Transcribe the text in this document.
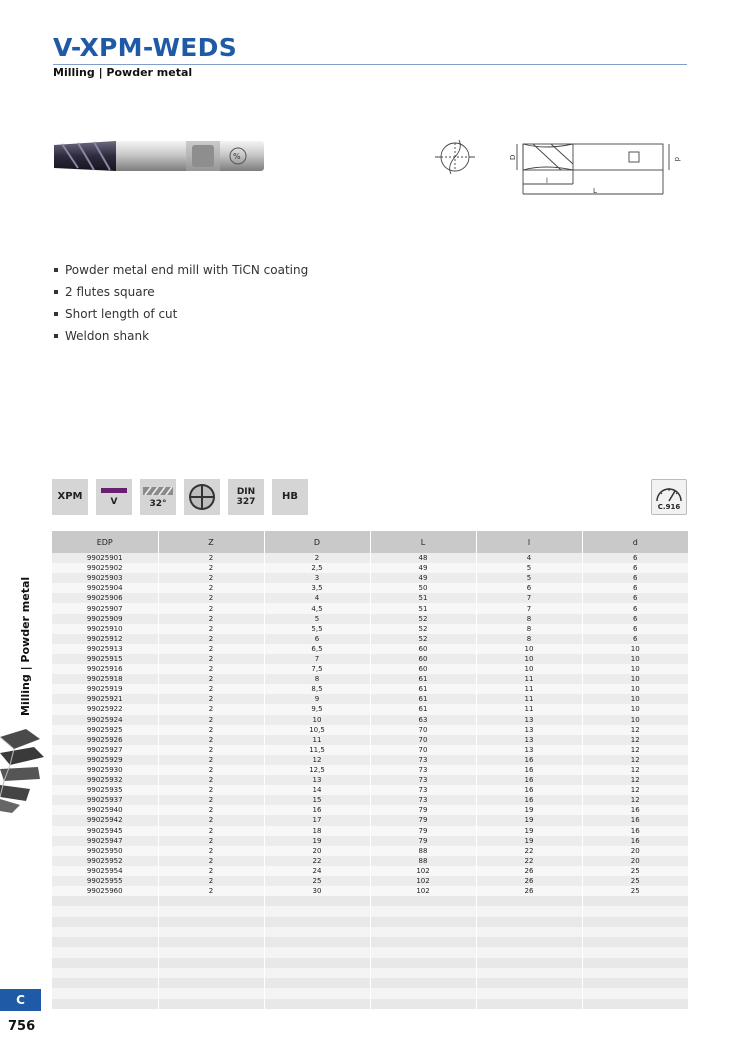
V-XPM-WEDS
Milling | Powder metal
%	D	d
l
L
Powder metal end mill with TiCN coating
2 flutes square
Short length of cut
Weldon shank
XPM	V	32°
DIN
327	HB
C.916
EDP	Z	D	L	l	d
99025901	2	2	48	4	6
99025902	2	2,5	49	5	6
99025903	2	3	49	5	6
99025904	2	3,5	50	6	6
99025906	2	4	51	7	6
99025907	2	4,5	51	7	6
99025909	2	5	52	8	6
99025910	2	5,5	52	8	6
99025912	2	6	52	8	6
99025913	2	6,5	60	10	10
99025915	2	7	60	10	10
99025916	2	7,5	60	10	10
99025918	2	8	61	11	10
99025919	2	8,5	61	11	10
99025921	2	9	61	11	10
99025922	2	9,5	61	11	10
99025924	2	10	63	13	10
99025925	2	10,5	70	13	12
99025926	2	11	70	13	12
99025927	2	11,5	70	13	12
99025929	2	12	73	16	12
99025930	2	12,5	73	16	12
99025932	2	13	73	16	12
99025935	2	14	73	16	12
99025937	2	15	73	16	12
99025940	2	16	79	19	16
99025942	2	17	79	19	16
99025945	2	18	79	19	16
99025947	2	19	79	19	16
99025950	2	20	88	22	20
99025952	2	22	88	22	20
99025954	2	24	102	26	25
99025955	2	25	102	26	25
99025960	2	30	102	26	25

Milling | Powder metal
C
756
